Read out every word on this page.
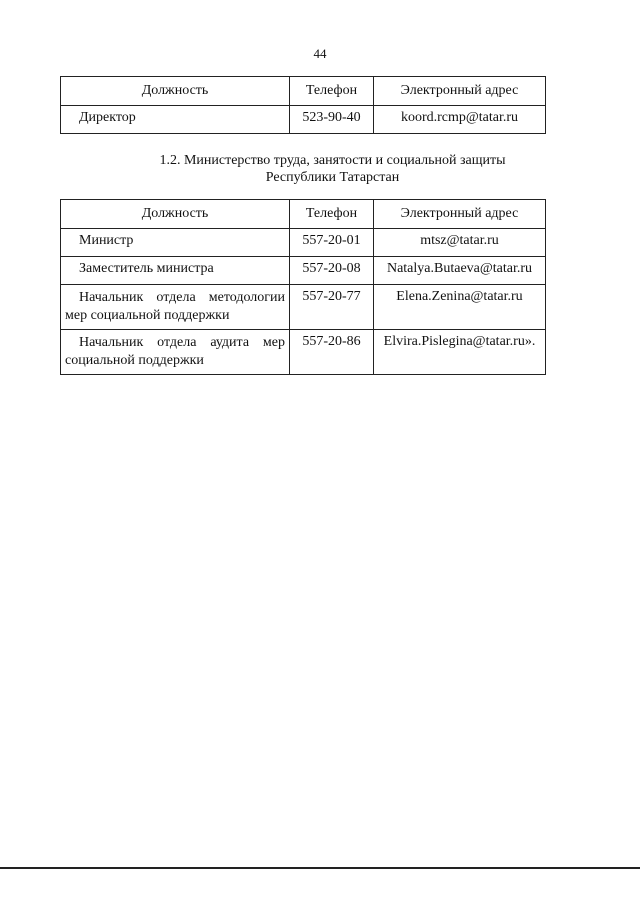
44
Должность	Телефон	Электронный адрес
Директор	523-90-40	koord.rcmp@tatar.ru
1.2. Министерство труда, занятости и социальной защиты
Республики Татарстан
Должность	Телефон	Электронный адрес
Министр	557-20-01	mtsz@tatar.ru
Заместитель министра	557-20-08	Natalya.Butaeva@tatar.ru

Начальник отдела методологии
мер социальной поддержки	557-20-77	Elena.Zenina@tatar.ru

Начальник отдела аудита мер
социальной поддержки	557-20-86	Elvira.Pislegina@tatar.ru».
